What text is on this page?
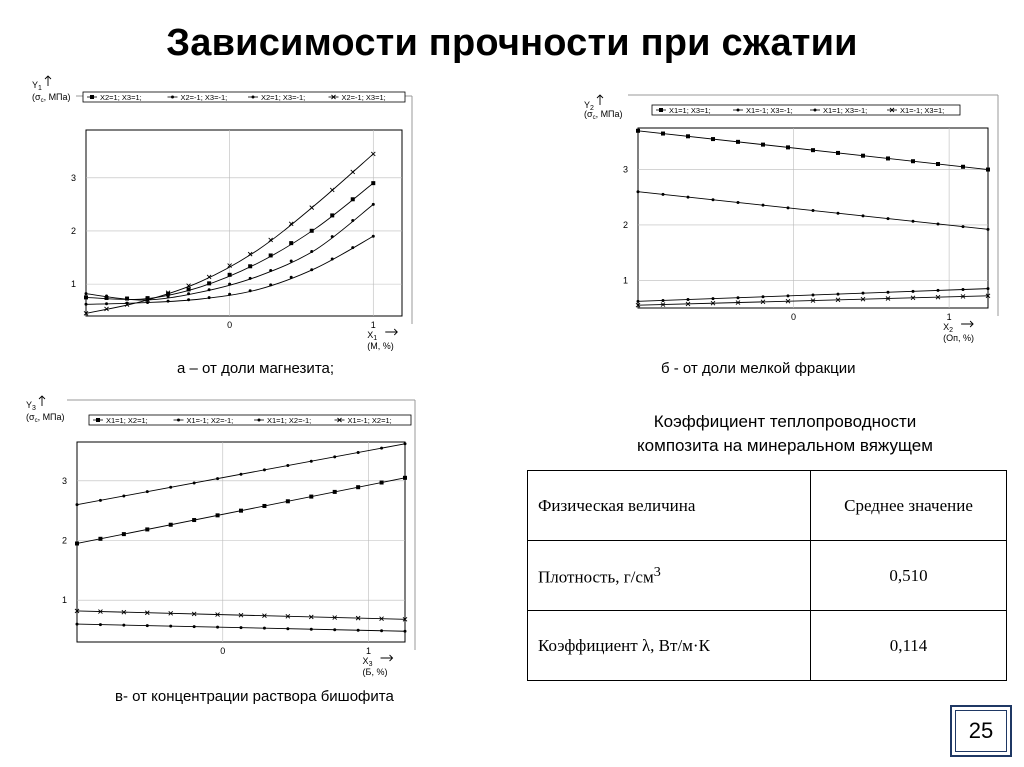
Зависимости прочности при сжатии
X2=1; X3=1;	X2=-1; X3=-1;	X2=1; X3=-1;	X2=-1; X3=1;
0	1
1
2
3
$Y_1$
($\sigma_c$, МПа)
$X_1$
(М, %)
а – от доли магнезита;
X1=1; X3=1;	X1=-1; X3=-1;	X1=1; X3=-1;	X1=-1; X3=1;
0	1
1
2
3
$Y_2$
($\sigma_c$, МПа)
$X_2$
(Оп, %)
б - от доли мелкой фракции
X1=1; X2=1;	X1=-1; X2=-1;	X1=1; X2=-1;	X1=-1; X2=1;
0	1
1
2
3
$Y_3$
($\sigma_c$, МПа)
$X_3$
(Б, %)
в- от концентрации раствора бишофита
Коэффициент теплопроводности
композита на минеральном вяжущем
Физическая величина	Среднее значение
Плотность, $г/см^3$	0,510
Коэффициент λ, Вт/м·К	0,114
25
